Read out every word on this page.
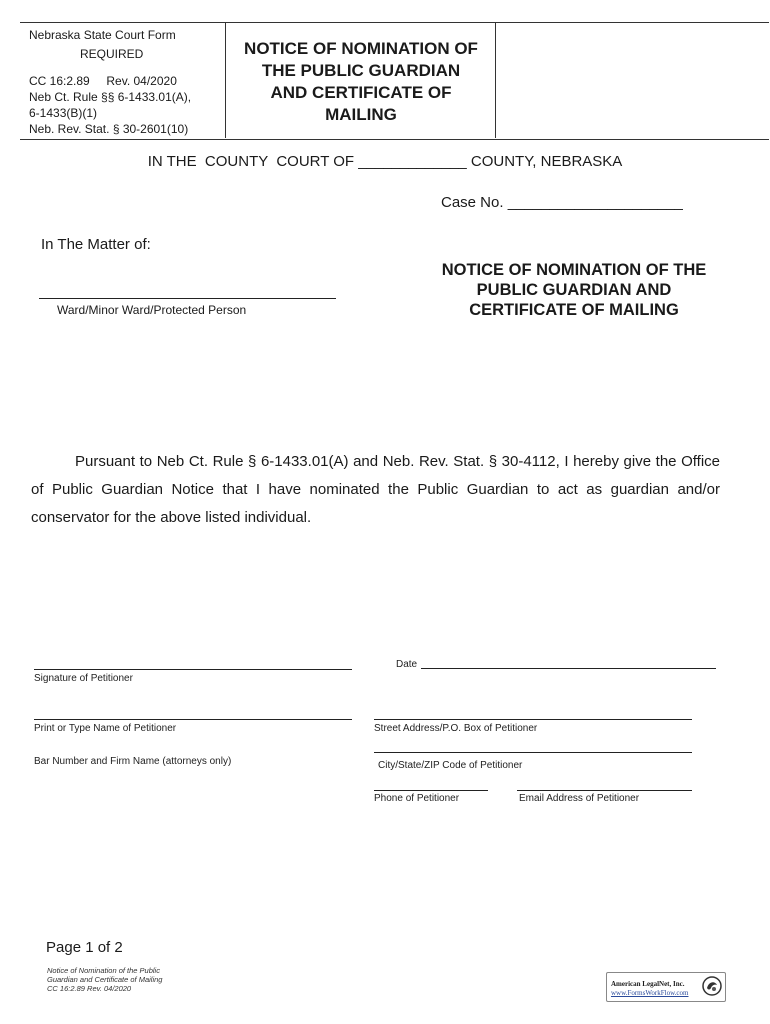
Nebraska State Court Form
REQUIRED
CC 16:2.89     Rev. 04/2020
Neb Ct. Rule §§ 6-1433.01(A),
6-1433(B)(1)
Neb. Rev. Stat. § 30-2601(10)
NOTICE OF NOMINATION OF
THE PUBLIC GUARDIAN
AND CERTIFICATE OF
MAILING
IN THE  COUNTY  COURT OF _____________ COUNTY, NEBRASKA
Case No. _____________________
In The Matter of:
Ward/Minor Ward/Protected Person
NOTICE OF NOMINATION OF THE
PUBLIC GUARDIAN AND
CERTIFICATE OF MAILING
Pursuant to Neb Ct. Rule § 6-1433.01(A) and Neb. Rev. Stat. § 30-4112, I hereby give the Office of Public Guardian Notice that I have nominated the Public Guardian to act as guardian and/or conservator for the above listed individual.
Signature of Petitioner
Date
Print or Type Name of Petitioner	Street Address/P.O. Box of Petitioner
Bar Number and Firm Name (attorneys only)	City/State/ZIP Code of Petitioner
Phone of Petitioner	Email Address of Petitioner
Page 1 of 2
Notice of Nomination of the Public
Guardian and Certificate of Mailing
CC 16:2.89 Rev. 04/2020	American LegalNet, Inc.
www.FormsWorkFlow.com
